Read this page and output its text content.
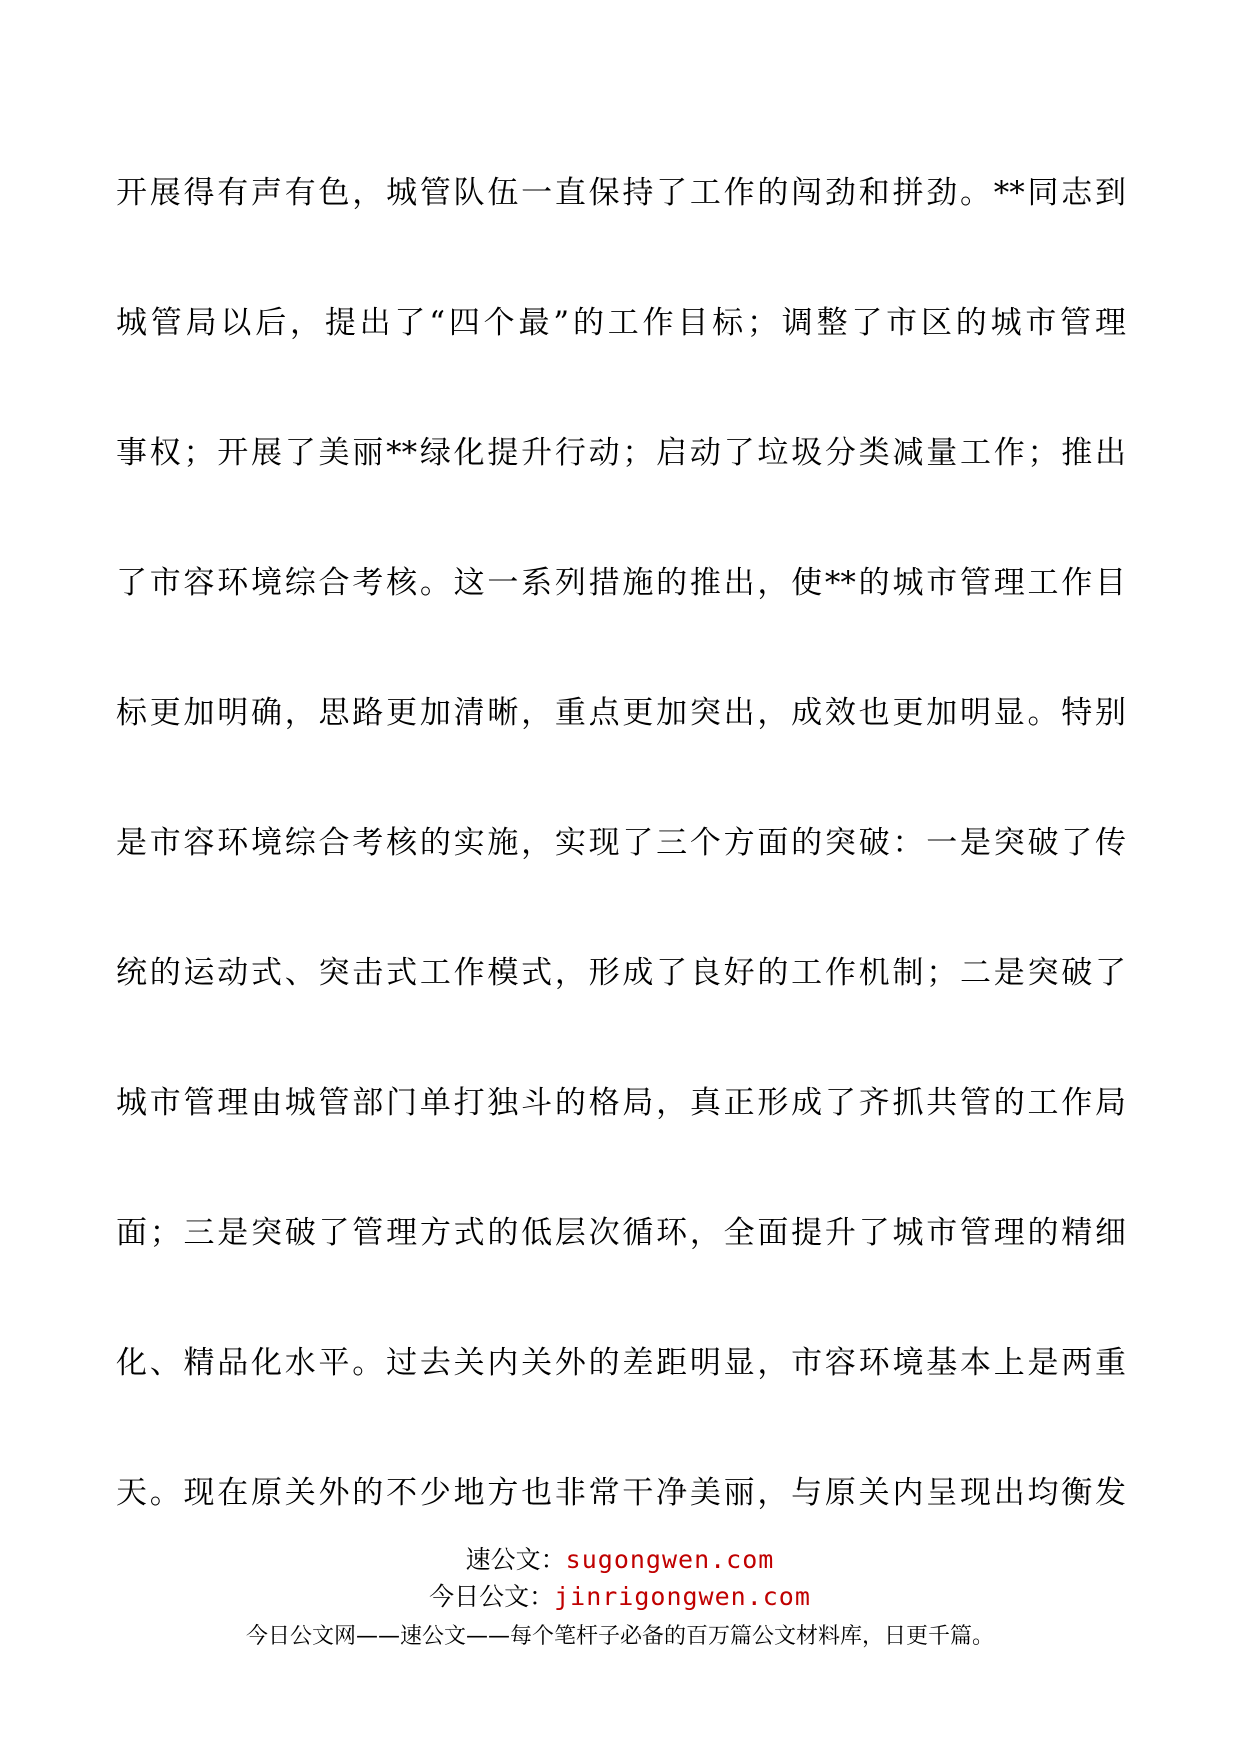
开展得有声有色，城管队伍一直保持了工作的闯劲和拼劲。**同志到
城管局以后，提出了“四个最”的工作目标；调整了市区的城市管理
事权；开展了美丽**绿化提升行动；启动了垃圾分类减量工作；推出
了市容环境综合考核。这一系列措施的推出，使**的城市管理工作目
标更加明确，思路更加清晰，重点更加突出，成效也更加明显。特别
是市容环境综合考核的实施，实现了三个方面的突破：一是突破了传
统的运动式、突击式工作模式，形成了良好的工作机制；二是突破了
城市管理由城管部门单打独斗的格局，真正形成了齐抓共管的工作局
面；三是突破了管理方式的低层次循环，全面提升了城市管理的精细
化、精品化水平。过去关内关外的差距明显，市容环境基本上是两重
天。现在原关外的不少地方也非常干净美丽，与原关内呈现出均衡发
速公文：sugongwen.com
今日公文：jinrigongwen.com
今日公文网——速公文——每个笔杆子必备的百万篇公文材料库，日更千篇。
